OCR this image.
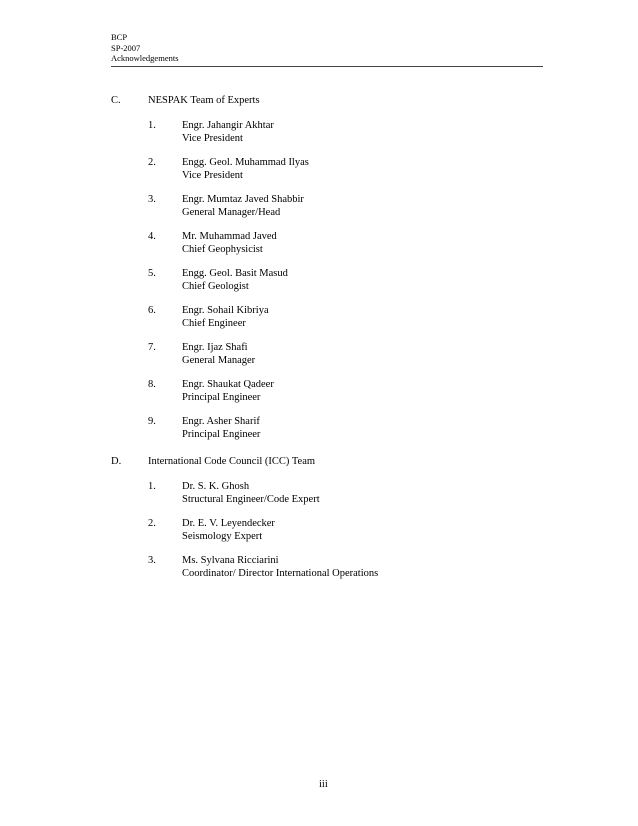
BCP
SP-2007
Acknowledgements
C.	NESPAK Team of Experts
1. Engr. Jahangir Akhtar
Vice President
2. Engg. Geol. Muhammad Ilyas
Vice President
3. Engr. Mumtaz Javed Shabbir
General Manager/Head
4. Mr. Muhammad Javed
Chief Geophysicist
5. Engg. Geol. Basit Masud
Chief Geologist
6. Engr. Sohail Kibriya
Chief Engineer
7. Engr. Ijaz Shafi
General Manager
8. Engr. Shaukat Qadeer
Principal Engineer
9. Engr. Asher Sharif
Principal Engineer
D.	International Code Council (ICC) Team
1. Dr. S. K. Ghosh
Structural Engineer/Code Expert
2. Dr. E. V. Leyendecker
Seismology Expert
3. Ms. Sylvana Ricciarini
Coordinator/ Director International Operations
iii
